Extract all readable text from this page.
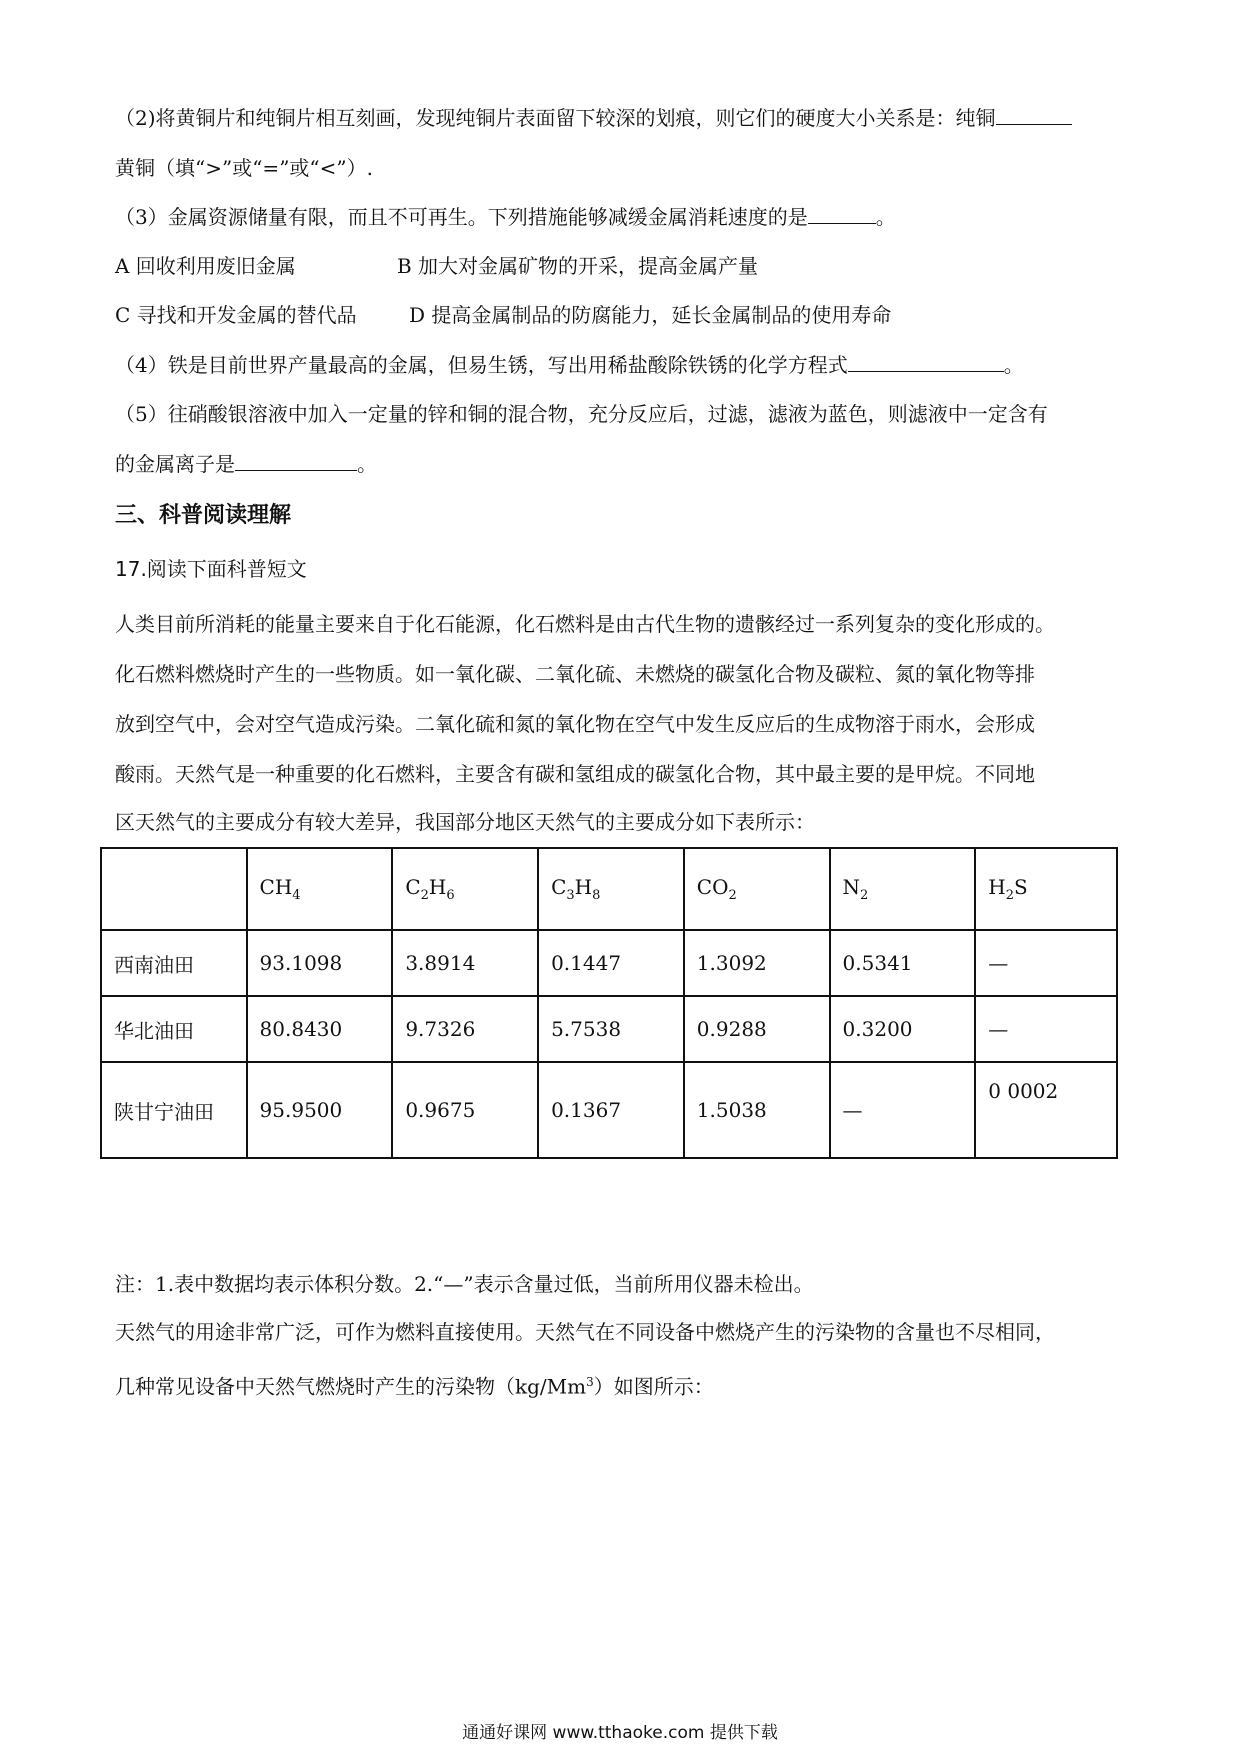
（2)将黄铜片和纯铜片相互刻画，发现纯铜片表面留下较深的划痕，则它们的硬度大小关系是：纯铜
黄铜（填“>”或“=”或“<”）.
（3）金属资源储量有限，而且不可再生。下列措施能够减缓金属消耗速度的是	。
A 回收利用废旧金属	B 加大对金属矿物的开采，提高金属产量
C 寻找和开发金属的替代品	D 提高金属制品的防腐能力，延长金属制品的使用寿命
（4）铁是目前世界产量最高的金属，但易生锈，写出用稀盐酸除铁锈的化学方程式	。
（5）往硝酸银溶液中加入一定量的锌和铜的混合物，充分反应后，过滤，滤液为蓝色，则滤液中一定含有
的金属离子是	。
三、科普阅读理解
17.阅读下面科普短文
人类目前所消耗的能量主要来自于化石能源，化石燃料是由古代生物的遗骸经过一系列复杂的变化形成的。
化石燃料燃烧时产生的一些物质。如一氧化碳、二氧化硫、未燃烧的碳氢化合物及碳粒、氮的氧化物等排
放到空气中，会对空气造成污染。二氧化硫和氮的氧化物在空气中发生反应后的生成物溶于雨水，会形成
酸雨。天然气是一种重要的化石燃料，主要含有碳和氢组成的碳氢化合物，其中最主要的是甲烷。不同地
区天然气的主要成分有较大差异，我国部分地区天然气的主要成分如下表所示：
	$CH_4$	$C_2H_6$	$C_3H_8$	$CO_2$	$N_2$	$H_2S$
西南油田	93.1098	3.8914	0.1447	1.3092	0.5341	—
华北油田	80.8430	9.7326	5.7538	0.9288	0.3200	—
陕甘宁油田	95.9500	0.9675	0.1367	1.5038	—	0 0002
注：1.表中数据均表示体积分数。2.“—”表示含量过低，当前所用仪器未检出。
天然气的用途非常广泛，可作为燃料直接使用。天然气在不同设备中燃烧产生的污染物的含量也不尽相同，
几种常见设备中天然气燃烧时产生的污染物（kg/Mm$^3$）如图所示：
通通好课网 www.tthaoke.com 提供下载
